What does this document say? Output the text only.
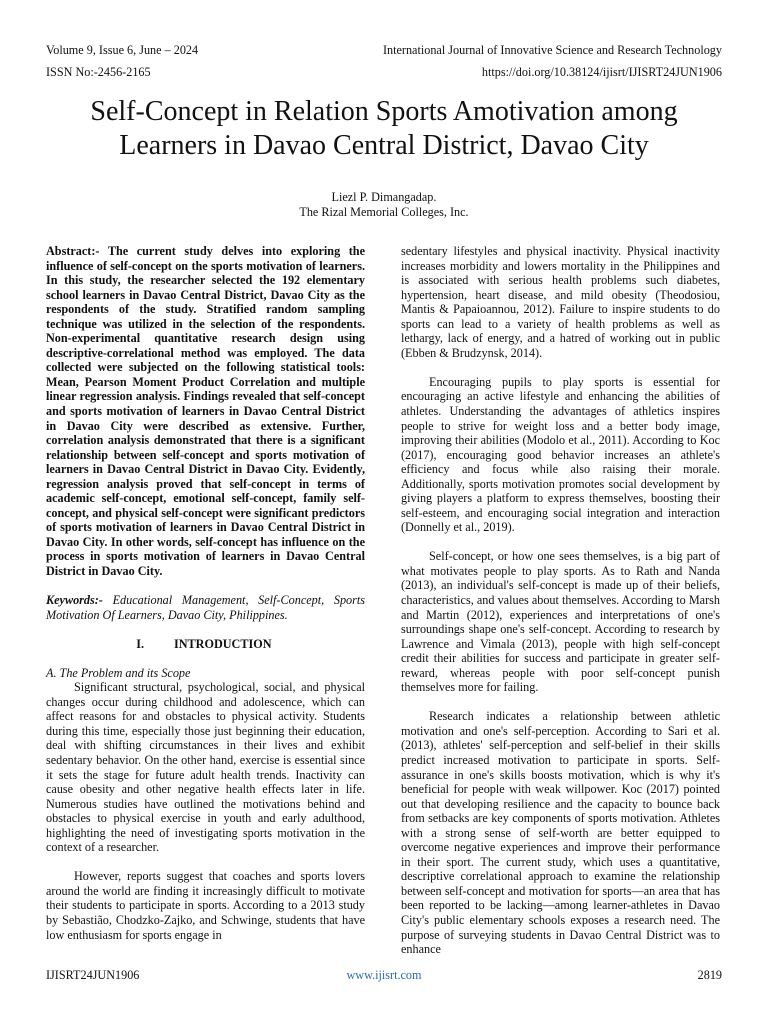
Volume 9, Issue 6, June – 2024	International Journal of Innovative Science and Research Technology
ISSN No:-2456-2165	https://doi.org/10.38124/ijisrt/IJISRT24JUN1906
Self-Concept in Relation Sports Amotivation among
Learners in Davao Central District, Davao City
Liezl P. Dimangadap.
The Rizal Memorial Colleges, Inc.

Abstract:- The current study delves into exploring the influence of self-concept on the sports motivation of learners. In this study, the researcher selected the 192 elementary school learners in Davao Central District, Davao City as the respondents of the study. Stratified random sampling technique was utilized in the selection of the respondents. Non-experimental quantitative research design using descriptive-correlational method was employed. The data collected were subjected on the following statistical tools: Mean, Pearson Moment Product Correlation and multiple linear regression analysis. Findings revealed that self-concept and sports motivation of learners in Davao Central District in Davao City were described as extensive. Further, correlation analysis demonstrated that there is a significant relationship between self-concept and sports motivation of learners in Davao Central District in Davao City. Evidently, regression analysis proved that self-concept in terms of academic self-concept, emotional self-concept, family self-concept, and physical self-concept were significant predictors of sports motivation of learners in Davao Central District in Davao City. In other words, self-concept has influence on the process in sports motivation of learners in Davao Central District in Davao City.

Keywords:- Educational Management, Self-Concept, Sports Motivation Of Learners, Davao City, Philippines.

I. INTRODUCTION

A. The Problem and its Scope

Significant structural, psychological, social, and physical changes occur during childhood and adolescence, which can affect reasons for and obstacles to physical activity. Students during this time, especially those just beginning their education, deal with shifting circumstances in their lives and exhibit sedentary behavior. On the other hand, exercise is essential since it sets the stage for future adult health trends. Inactivity can cause obesity and other negative health effects later in life. Numerous studies have outlined the motivations behind and obstacles to physical exercise in youth and early adulthood, highlighting the need of investigating sports motivation in the context of a researcher.

However, reports suggest that coaches and sports lovers around the world are finding it increasingly difficult to motivate their students to participate in sports. According to a 2013 study by Sebastião, Chodzko-Zajko, and Schwinge, students that have low enthusiasm for sports engage in

sedentary lifestyles and physical inactivity. Physical inactivity increases morbidity and lowers mortality in the Philippines and is associated with serious health problems such diabetes, hypertension, heart disease, and mild obesity (Theodosiou, Mantis & Papaioannou, 2012). Failure to inspire students to do sports can lead to a variety of health problems as well as lethargy, lack of energy, and a hatred of working out in public (Ebben & Brudzynsk, 2014).

Encouraging pupils to play sports is essential for encouraging an active lifestyle and enhancing the abilities of athletes. Understanding the advantages of athletics inspires people to strive for weight loss and a better body image, improving their abilities (Modolo et al., 2011). According to Koc (2017), encouraging good behavior increases an athlete's efficiency and focus while also raising their morale. Additionally, sports motivation promotes social development by giving players a platform to express themselves, boosting their self-esteem, and encouraging social integration and interaction (Donnelly et al., 2019).

Self-concept, or how one sees themselves, is a big part of what motivates people to play sports. As to Rath and Nanda (2013), an individual's self-concept is made up of their beliefs, characteristics, and values about themselves. According to Marsh and Martin (2012), experiences and interpretations of one's surroundings shape one's self-concept. According to research by Lawrence and Vimala (2013), people with high self-concept credit their abilities for success and participate in greater self-reward, whereas people with poor self-concept punish themselves more for failing.

Research indicates a relationship between athletic motivation and one's self-perception. According to Sari et al. (2013), athletes' self-perception and self-belief in their skills predict increased motivation to participate in sports. Self-assurance in one's skills boosts motivation, which is why it's beneficial for people with weak willpower. Koc (2017) pointed out that developing resilience and the capacity to bounce back from setbacks are key components of sports motivation. Athletes with a strong sense of self-worth are better equipped to overcome negative experiences and improve their performance in their sport. The current study, which uses a quantitative, descriptive correlational approach to examine the relationship between self-concept and motivation for sports—an area that has been reported to be lacking—among learner-athletes in Davao City's public elementary schools exposes a research need. The purpose of surveying students in Davao Central District was to enhance

IJISRT24JUN1906	www.ijisrt.com	2819
